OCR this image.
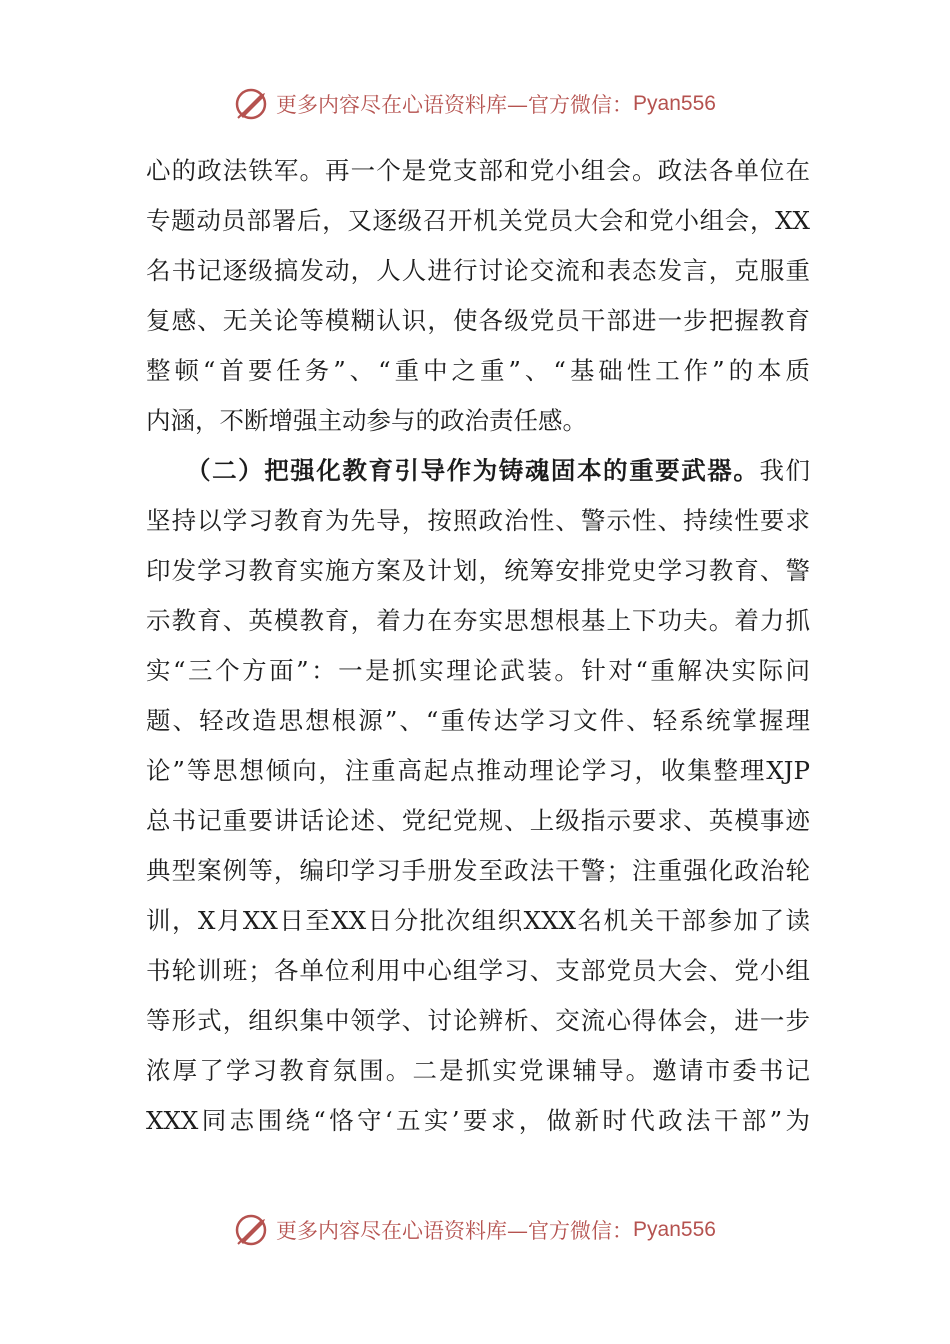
更多内容尽在心语资料库—官方微信： Pyan556
心的政法铁军。再一个是党支部和党小组会。政法各单位在
专题动员部署后，又逐级召开机关党员大会和党小组会，XX
名书记逐级搞发动，人人进行讨论交流和表态发言，克服重
复感、无关论等模糊认识，使各级党员干部进一步把握教育
整顿“首要任务”、“重中之重”、“基础性工作”的本质
内涵，不断增强主动参与的政治责任感。
（二）把强化教育引导作为铸魂固本的重要武器。我们
坚持以学习教育为先导，按照政治性、警示性、持续性要求
印发学习教育实施方案及计划，统筹安排党史学习教育、警
示教育、英模教育，着力在夯实思想根基上下功夫。着力抓
实“三个方面”：一是抓实理论武装。针对“重解决实际问
题、轻改造思想根源”、“重传达学习文件、轻系统掌握理
论”等思想倾向，注重高起点推动理论学习，收集整理XJP
总书记重要讲话论述、党纪党规、上级指示要求、英模事迹
典型案例等，编印学习手册发至政法干警；注重强化政治轮
训，X月XX日至XX日分批次组织XXX名机关干部参加了读
书轮训班；各单位利用中心组学习、支部党员大会、党小组
等形式，组织集中领学、讨论辨析、交流心得体会，进一步
浓厚了学习教育氛围。二是抓实党课辅导。邀请市委书记
XXX同志围绕“恪守‘五实’要求，做新时代政法干部”为
更多内容尽在心语资料库—官方微信： Pyan556
